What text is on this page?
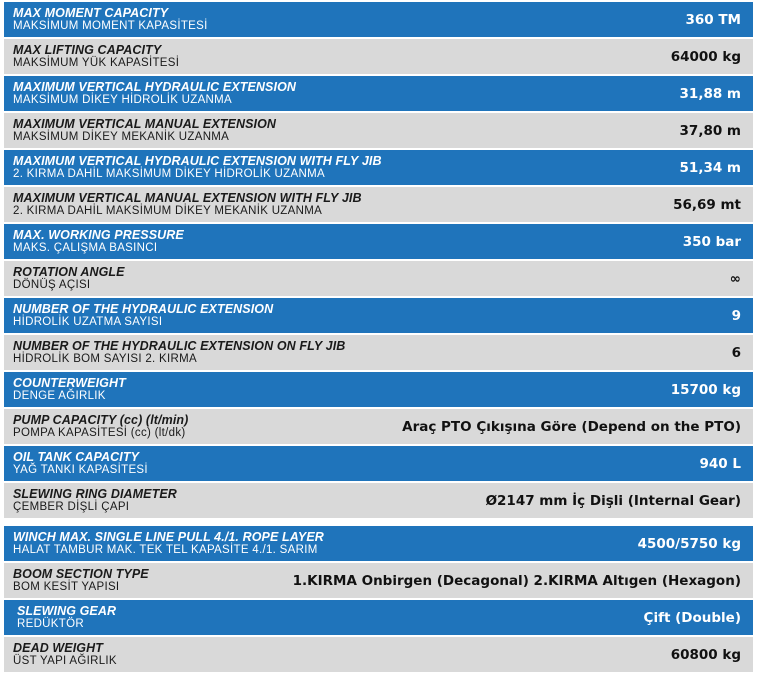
MAX MOMENT CAPACITY
MAKSİMUM MOMENT KAPASİTESİ	360 TM
MAX LIFTING CAPACITY
MAKSİMUM YÜK KAPASİTESİ	64000 kg
MAXIMUM VERTICAL HYDRAULIC EXTENSION
MAKSİMUM DİKEY HİDROLİK UZANMA	31,88 m
MAXIMUM VERTICAL MANUAL EXTENSION
MAKSİMUM DİKEY MEKANİK UZANMA	37,80 m
MAXIMUM VERTICAL HYDRAULIC EXTENSION WITH FLY JIB
2. KIRMA DAHİL MAKSİMUM DİKEY HİDROLİK UZANMA	51,34 m
MAXIMUM VERTICAL MANUAL EXTENSION WITH FLY JIB
2. KIRMA DAHİL MAKSİMUM DİKEY MEKANİK UZANMA	56,69 mt
MAX. WORKING PRESSURE
MAKS. ÇALIŞMA BASINCI	350 bar
ROTATION ANGLE
DÖNÜŞ AÇISI	∞
NUMBER OF THE HYDRAULIC EXTENSION
HİDROLİK UZATMA SAYISI	9
NUMBER OF THE HYDRAULIC EXTENSION ON FLY JIB
HİDROLİK BOM SAYISI 2. KIRMA	6
COUNTERWEIGHT
DENGE AĞIRLIK	15700 kg
PUMP CAPACITY (cc) (lt/min)
POMPA KAPASİTESİ (cc) (lt/dk)	Araç PTO Çıkışına Göre (Depend on the PTO)
OIL TANK CAPACITY
YAĞ TANKI KAPASİTESİ	940 L
SLEWING RING DIAMETER
ÇEMBER DİŞLİ ÇAPI	Ø2147 mm İç Dişli (Internal Gear)
WINCH MAX. SINGLE LINE PULL 4./1. ROPE LAYER
HALAT TAMBUR MAK. TEK TEL KAPASİTE 4./1. SARIM	4500/5750 kg
BOOM SECTION TYPE
BOM KESİT YAPISI	1.KIRMA Onbirgen (Decagonal) 2.KIRMA Altıgen (Hexagon)
SLEWING GEAR
REDÜKTÖR	Çift (Double)
DEAD WEIGHT
ÜST YAPI AĞIRLIK	60800 kg
